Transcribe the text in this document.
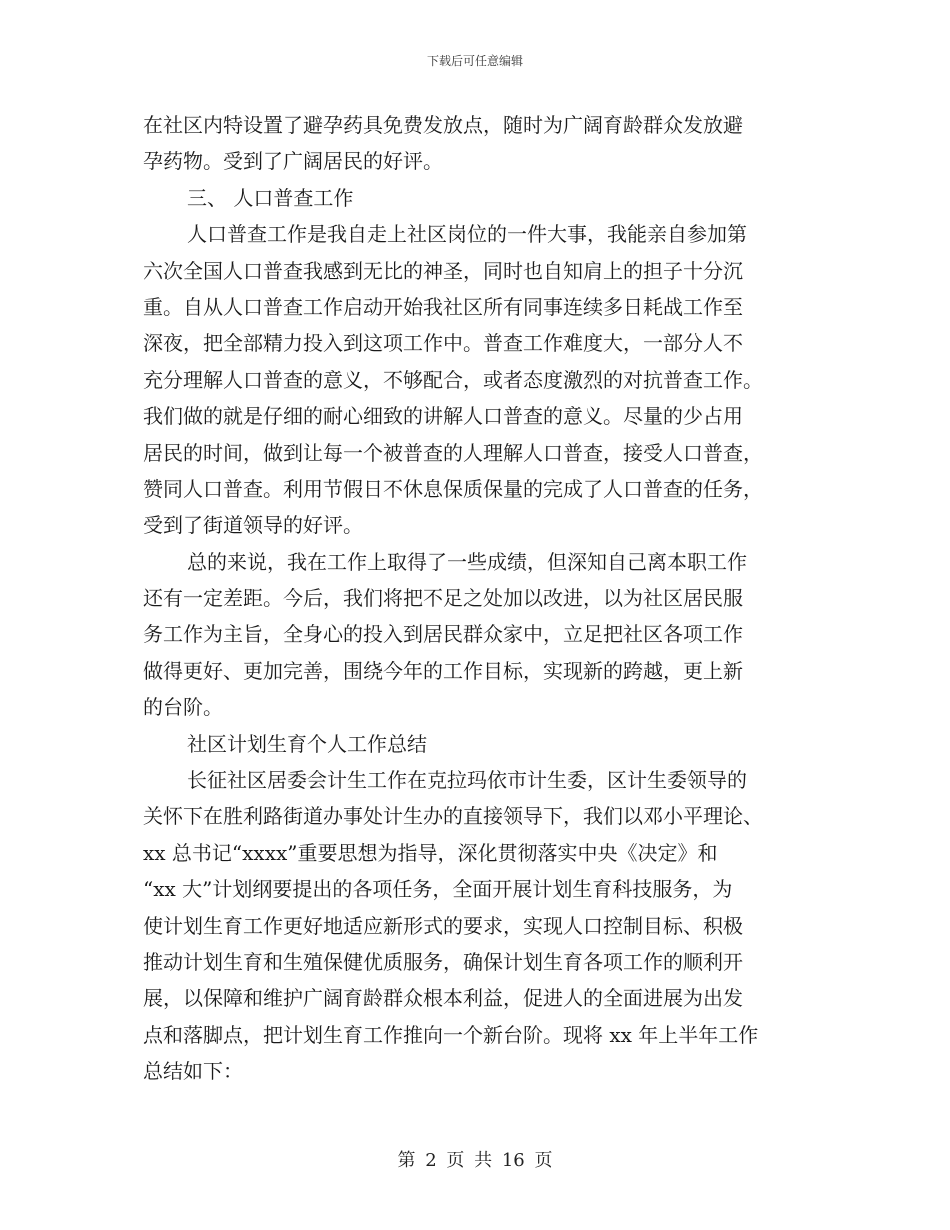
下载后可任意编辑
在社区内特设置了避孕药具免费发放点，随时为广阔育龄群众发放避
孕药物。受到了广阔居民的好评。
三、 人口普查工作
人口普查工作是我自走上社区岗位的一件大事，我能亲自参加第
六次全国人口普查我感到无比的神圣，同时也自知肩上的担子十分沉
重。自从人口普查工作启动开始我社区所有同事连续多日耗战工作至
深夜，把全部精力投入到这项工作中。普查工作难度大，一部分人不
充分理解人口普查的意义，不够配合，或者态度激烈的对抗普查工作。
我们做的就是仔细的耐心细致的讲解人口普查的意义。尽量的少占用
居民的时间，做到让每一个被普查的人理解人口普查，接受人口普查，
赞同人口普查。利用节假日不休息保质保量的完成了人口普查的任务，
受到了街道领导的好评。
总的来说，我在工作上取得了一些成绩，但深知自己离本职工作
还有一定差距。今后，我们将把不足之处加以改进，以为社区居民服
务工作为主旨，全身心的投入到居民群众家中，立足把社区各项工作
做得更好、更加完善，围绕今年的工作目标，实现新的跨越，更上新
的台阶。
社区计划生育个人工作总结
长征社区居委会计生工作在克拉玛依市计生委，区计生委领导的
关怀下在胜利路街道办事处计生办的直接领导下，我们以邓小平理论、
xx 总书记“xxxx”重要思想为指导，深化贯彻落实中央《决定》和
“xx 大”计划纲要提出的各项任务，全面开展计划生育科技服务，为
使计划生育工作更好地适应新形式的要求，实现人口控制目标、积极
推动计划生育和生殖保健优质服务，确保计划生育各项工作的顺利开
展，以保障和维护广阔育龄群众根本利益，促进人的全面进展为出发
点和落脚点，把计划生育工作推向一个新台阶。现将 xx 年上半年工作
总结如下：
第 2 页 共 16 页
